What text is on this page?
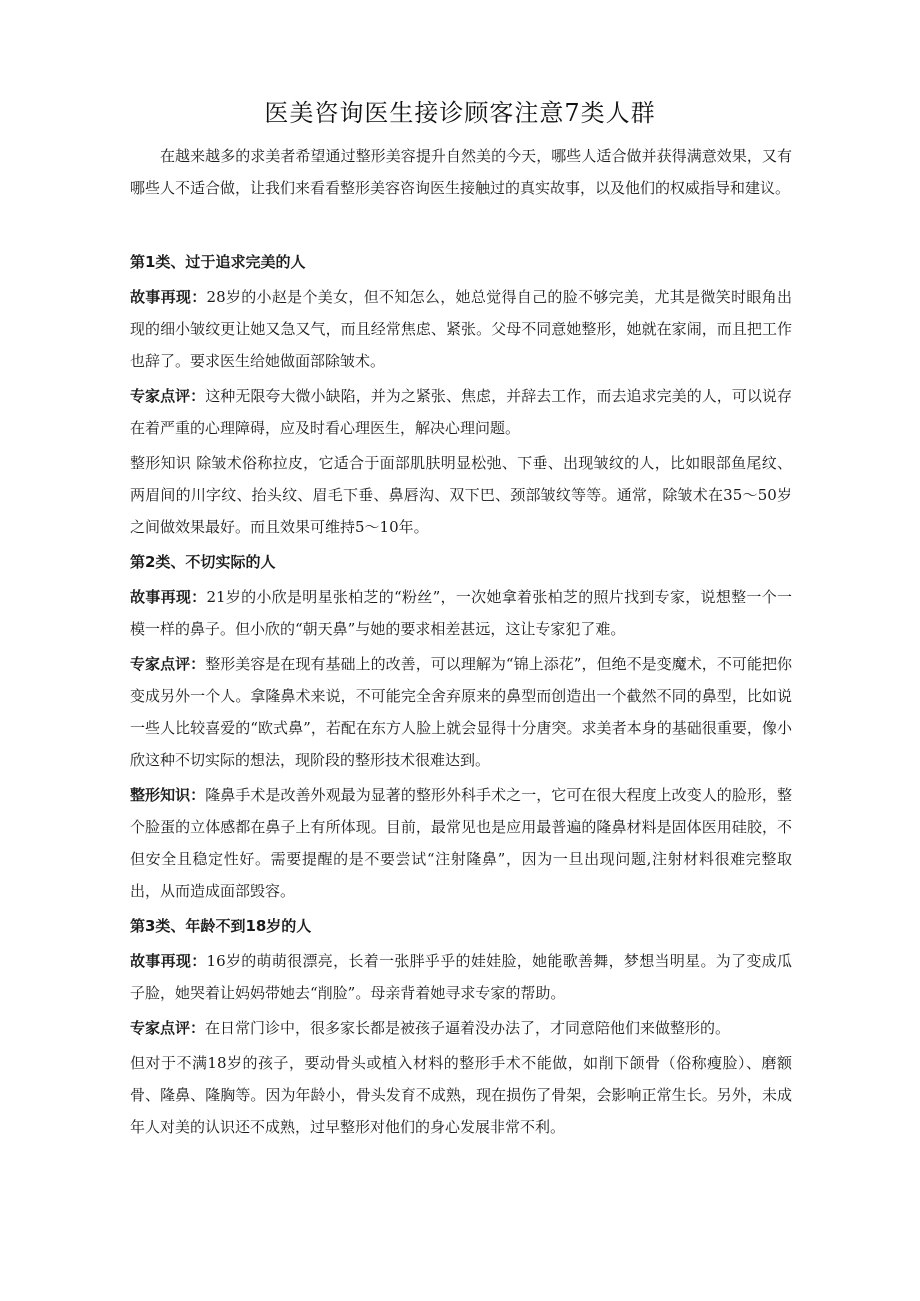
医美咨询医生接诊顾客注意7类人群

在越来越多的求美者希望通过整形美容提升自然美的今天，哪些人适合做并获得满意效果，又有哪些人不适合做，让我们来看看整形美容咨询医生接触过的真实故事，以及他们的权威指导和建议。

第1类、过于追求完美的人

故事再现：28岁的小赵是个美女，但不知怎么，她总觉得自己的脸不够完美，尤其是微笑时眼角出现的细小皱纹更让她又急又气，而且经常焦虑、紧张。父母不同意她整形，她就在家闹，而且把工作也辞了。要求医生给她做面部除皱术。

专家点评：这种无限夸大微小缺陷，并为之紧张、焦虑，并辞去工作，而去追求完美的人，可以说存在着严重的心理障碍，应及时看心理医生，解决心理问题。

整形知识 除皱术俗称拉皮，它适合于面部肌肤明显松弛、下垂、出现皱纹的人，比如眼部鱼尾纹、两眉间的川字纹、抬头纹、眉毛下垂、鼻唇沟、双下巴、颈部皱纹等等。通常，除皱术在35〜50岁之间做效果最好。而且效果可维持5〜10年。

第2类、不切实际的人

故事再现：21岁的小欣是明星张柏芝的“粉丝”，一次她拿着张柏芝的照片找到专家，说想整一个一模一样的鼻子。但小欣的“朝天鼻”与她的要求相差甚远，这让专家犯了难。

专家点评：整形美容是在现有基础上的改善，可以理解为“锦上添花”，但绝不是变魔术，不可能把你变成另外一个人。拿隆鼻术来说，不可能完全舍弃原来的鼻型而创造出一个截然不同的鼻型，比如说一些人比较喜爱的“欧式鼻”，若配在东方人脸上就会显得十分唐突。求美者本身的基础很重要，像小欣这种不切实际的想法，现阶段的整形技术很难达到。

整形知识：隆鼻手术是改善外观最为显著的整形外科手术之一，它可在很大程度上改变人的脸形，整个脸蛋的立体感都在鼻子上有所体现。目前，最常见也是应用最普遍的隆鼻材料是固体医用硅胶，不但安全且稳定性好。需要提醒的是不要尝试“注射隆鼻”，因为一旦出现问题,注射材料很难完整取出，从而造成面部毁容。

第3类、年龄不到18岁的人

故事再现：16岁的萌萌很漂亮，长着一张胖乎乎的娃娃脸，她能歌善舞，梦想当明星。为了变成瓜子脸，她哭着让妈妈带她去“削脸”。母亲背着她寻求专家的帮助。

专家点评：在日常门诊中，很多家长都是被孩子逼着没办法了，才同意陪他们来做整形的。

但对于不满18岁的孩子，要动骨头或植入材料的整形手术不能做，如削下颌骨（俗称瘦脸）、磨额骨、隆鼻、隆胸等。因为年龄小，骨头发育不成熟，现在损伤了骨架，会影响正常生长。另外，未成年人对美的认识还不成熟，过早整形对他们的身心发展非常不利。
